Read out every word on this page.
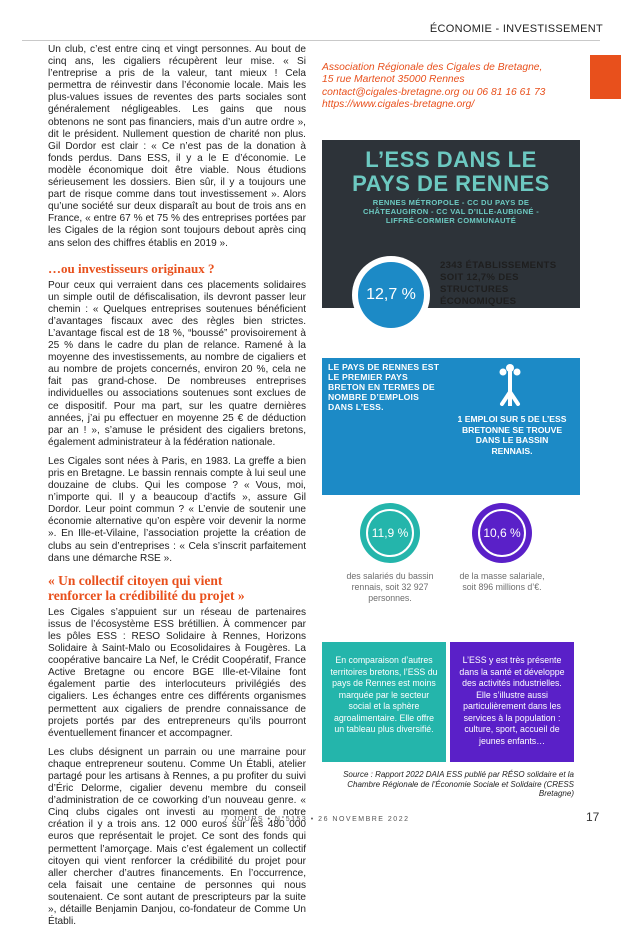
ÉCONOMIE - INVESTISSEMENT

Un club, c’est entre cinq et vingt personnes. Au bout de cinq ans, les cigaliers récupèrent leur mise. « Si l’entreprise a pris de la valeur, tant mieux ! Cela permettra de réinvestir dans l’économie locale. Mais les plus-values issues de reventes des parts sociales sont généralement négligeables. Les gains que nous obtenons ne sont pas financiers, mais d’un autre ordre », dit le président. Nullement question de charité non plus. Gil Dordor est clair : « Ce n’est pas de la donation à fonds perdus. Dans ESS, il y a le E d’économie. Le modèle économique doit être viable. Nous étudions sérieusement les dossiers. Bien sûr, il y a toujours une part de risque comme dans tout investissement ». Alors qu’une société sur deux disparaît au bout de trois ans en France, « entre 67 % et 75 % des entreprises portées par les Cigales de la région sont toujours debout après cinq ans selon des chiffres établis en 2019 ».

…ou investisseurs originaux ?

Pour ceux qui verraient dans ces placements solidaires un simple outil de défiscalisation, ils devront passer leur chemin : « Quelques entreprises soutenues bénéficient d’avantages fiscaux avec des règles bien strictes. L’avantage fiscal est de 18 %, “boussé” provisoirement à 25 % dans le cadre du plan de relance. Ramené à la moyenne des investissements, au nombre de cigaliers et au nombre de projets concernés, environ 20 %, cela ne fait pas grand-chose. De nombreuses entreprises individuelles ou associations soutenues sont exclues de ce dispositif. Pour ma part, sur les quatre dernières années, j’ai pu effectuer en moyenne 25 € de déduction par an ! », s’amuse le président des cigaliers bretons, également administrateur à la fédération nationale.

Les Cigales sont nées à Paris, en 1983. La greffe a bien pris en Bretagne. Le bassin rennais compte à lui seul une douzaine de clubs. Qui les compose ? « Vous, moi, n’importe qui. Il y a beaucoup d’actifs », assure Gil Dordor. Leur point commun ? « L’envie de soutenir une économie alternative qu’on espère voir devenir la norme ». En Ille-et-Vilaine, l’association projette la création de clubs au sein d’entreprises : « Cela s’inscrit parfaitement dans une démarche RSE ».

« Un collectif citoyen qui vient
renforcer la crédibilité du projet »

Les Cigales s’appuient sur un réseau de partenaires issus de l’écosystème ESS brétillien. À commencer par les pôles ESS : RESO Solidaire à Rennes, Horizons Solidaire à Saint-Malo ou Ecosolidaires à Fougères. La coopérative bancaire La Nef, le Crédit Coopératif, France Active Bretagne ou encore BGE Ille-et-Vilaine font également partie des interlocuteurs privilégiés des cigaliers. Les échanges entre ces différents organismes permettent aux cigaliers de prendre connaissance de projets portés par des entrepreneurs qu’ils pourront éventuellement financer et accompagner.

Les clubs désignent un parrain ou une marraine pour chaque entrepreneur soutenu. Comme Un Établi, atelier partagé pour les artisans à Rennes, a pu profiter du suivi d’Éric Delorme, cigalier devenu membre du conseil d’administration de ce coworking d’un nouveau genre. « Cinq clubs cigales ont investi au moment de notre création il y a trois ans. 12 000 euros sur les 480 000 euros que représentait le projet. Ce sont des fonds qui permettent l’amorçage. Mais c’est également un collectif citoyen qui vient renforcer la crédibilité du projet pour aller chercher d’autres financements. En l’occurrence, cela faisait une centaine de personnes qui nous soutenaient. Ce sont autant de prescripteurs par la suite », détaille Benjamin Danjou, co-fondateur de Comme Un Établi.

Association Régionale des Cigales de Bretagne,
15 rue Martenot 35000 Rennes
contact@cigales-bretagne.org ou 06 81 16 61 73
https://www.cigales-bretagne.org/
L’ESS DANS LE
PAYS DE RENNES
RENNES MÉTROPOLE - CC DU PAYS DE
CHÂTEAUGIRON - CC VAL D’ILLE-AUBIGNÉ -
LIFFRÉ-CORMIER COMMUNAUTÉ
12,7 %
LE PAYS DE RENNES EST LE PREMIER PAYS BRETON EN TERMES DE NOMBRE D’EMPLOIS DANS L’ESS.
1 EMPLOI SUR 5 DE L’ESS BRETONNE SE TROUVE DANS LE BASSIN RENNAIS.
11,9 %
des salariés du bassin rennais, soit 32 927 personnes.
10,6 %
de la masse salariale, soit 896 millions d’€.
2343 ÉTABLISSEMENTS SOIT 12,7% DES STRUCTURES ÉCONOMIQUES
En comparaison d’autres territoires bretons, l’ESS du pays de Rennes est moins marquée par le secteur social et la sphère agroalimentaire. Elle offre un tableau plus diversifié.
L’ESS y est très présente dans la santé et développe des activités industrielles. Elle s’illustre aussi particulièrement dans les services à la population : culture, sport, accueil de jeunes enfants…
Source : Rapport 2022 DAIA ESS publié par RÉSO solidaire et la Chambre Régionale de l’Économie Sociale et Solidaire (CRESS Bretagne)
7 JOURS • N°5153 • 26 NOVEMBRE 2022	17
